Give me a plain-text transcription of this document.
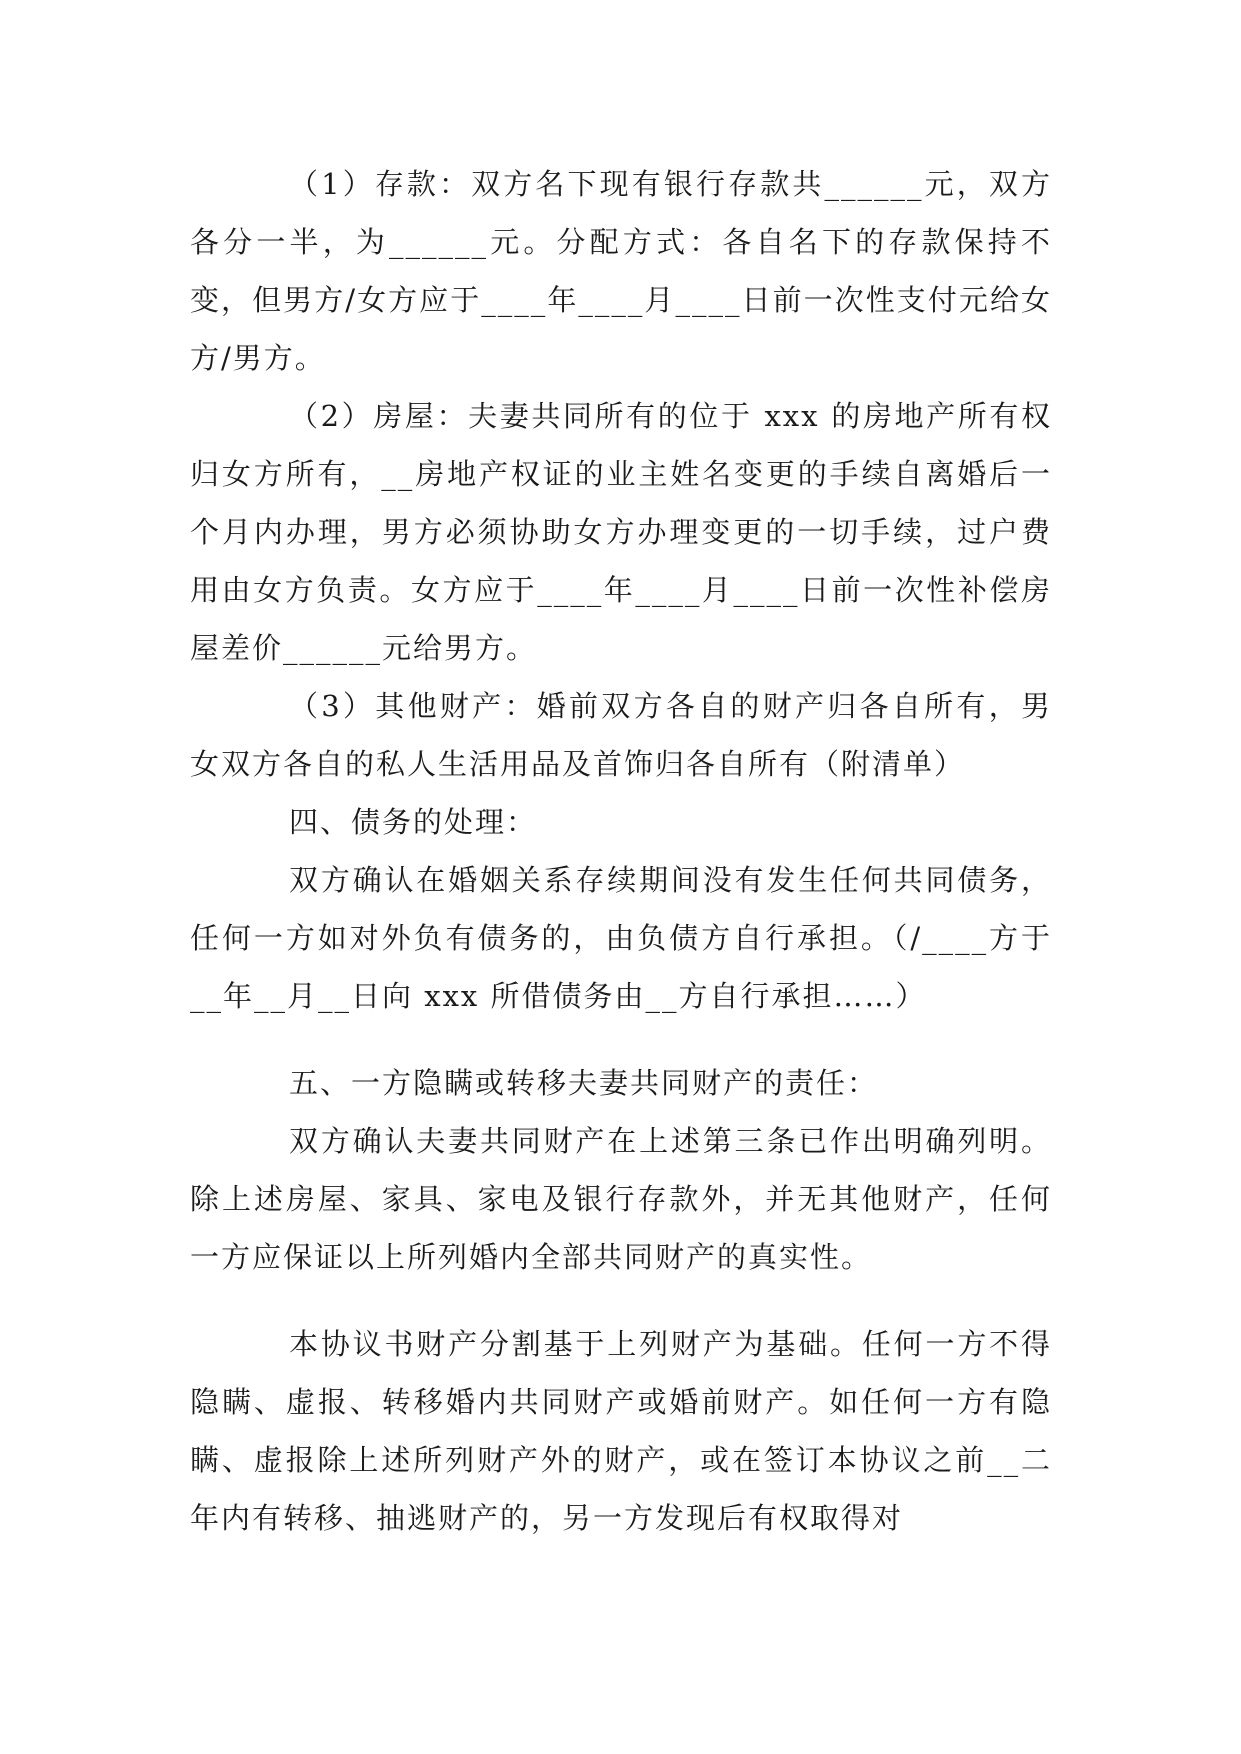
（1）存款：双方名下现有银行存款共______元，双方各分一半，为______元。分配方式：各自名下的存款保持不变，但男方/女方应于____年____月____日前一次性支付元给女方/男方。

（2）房屋：夫妻共同所有的位于 xxx 的房地产所有权归女方所有，__房地产权证的业主姓名变更的手续自离婚后一个月内办理，男方必须协助女方办理变更的一切手续，过户费用由女方负责。女方应于____年____月____日前一次性补偿房屋差价______元给男方。

（3）其他财产：婚前双方各自的财产归各自所有，男女双方各自的私人生活用品及首饰归各自所有（附清单）

四、债务的处理：

双方确认在婚姻关系存续期间没有发生任何共同债务，任何一方如对外负有债务的，由负债方自行承担。（/____方于__年__月__日向 xxx 所借债务由__方自行承担……）

五、一方隐瞒或转移夫妻共同财产的责任：

双方确认夫妻共同财产在上述第三条已作出明确列明。除上述房屋、家具、家电及银行存款外，并无其他财产，任何一方应保证以上所列婚内全部共同财产的真实性。

本协议书财产分割基于上列财产为基础。任何一方不得隐瞒、虚报、转移婚内共同财产或婚前财产。如任何一方有隐瞒、虚报除上述所列财产外的财产，或在签订本协议之前__二年内有转移、抽逃财产的，另一方发现后有权取得对
